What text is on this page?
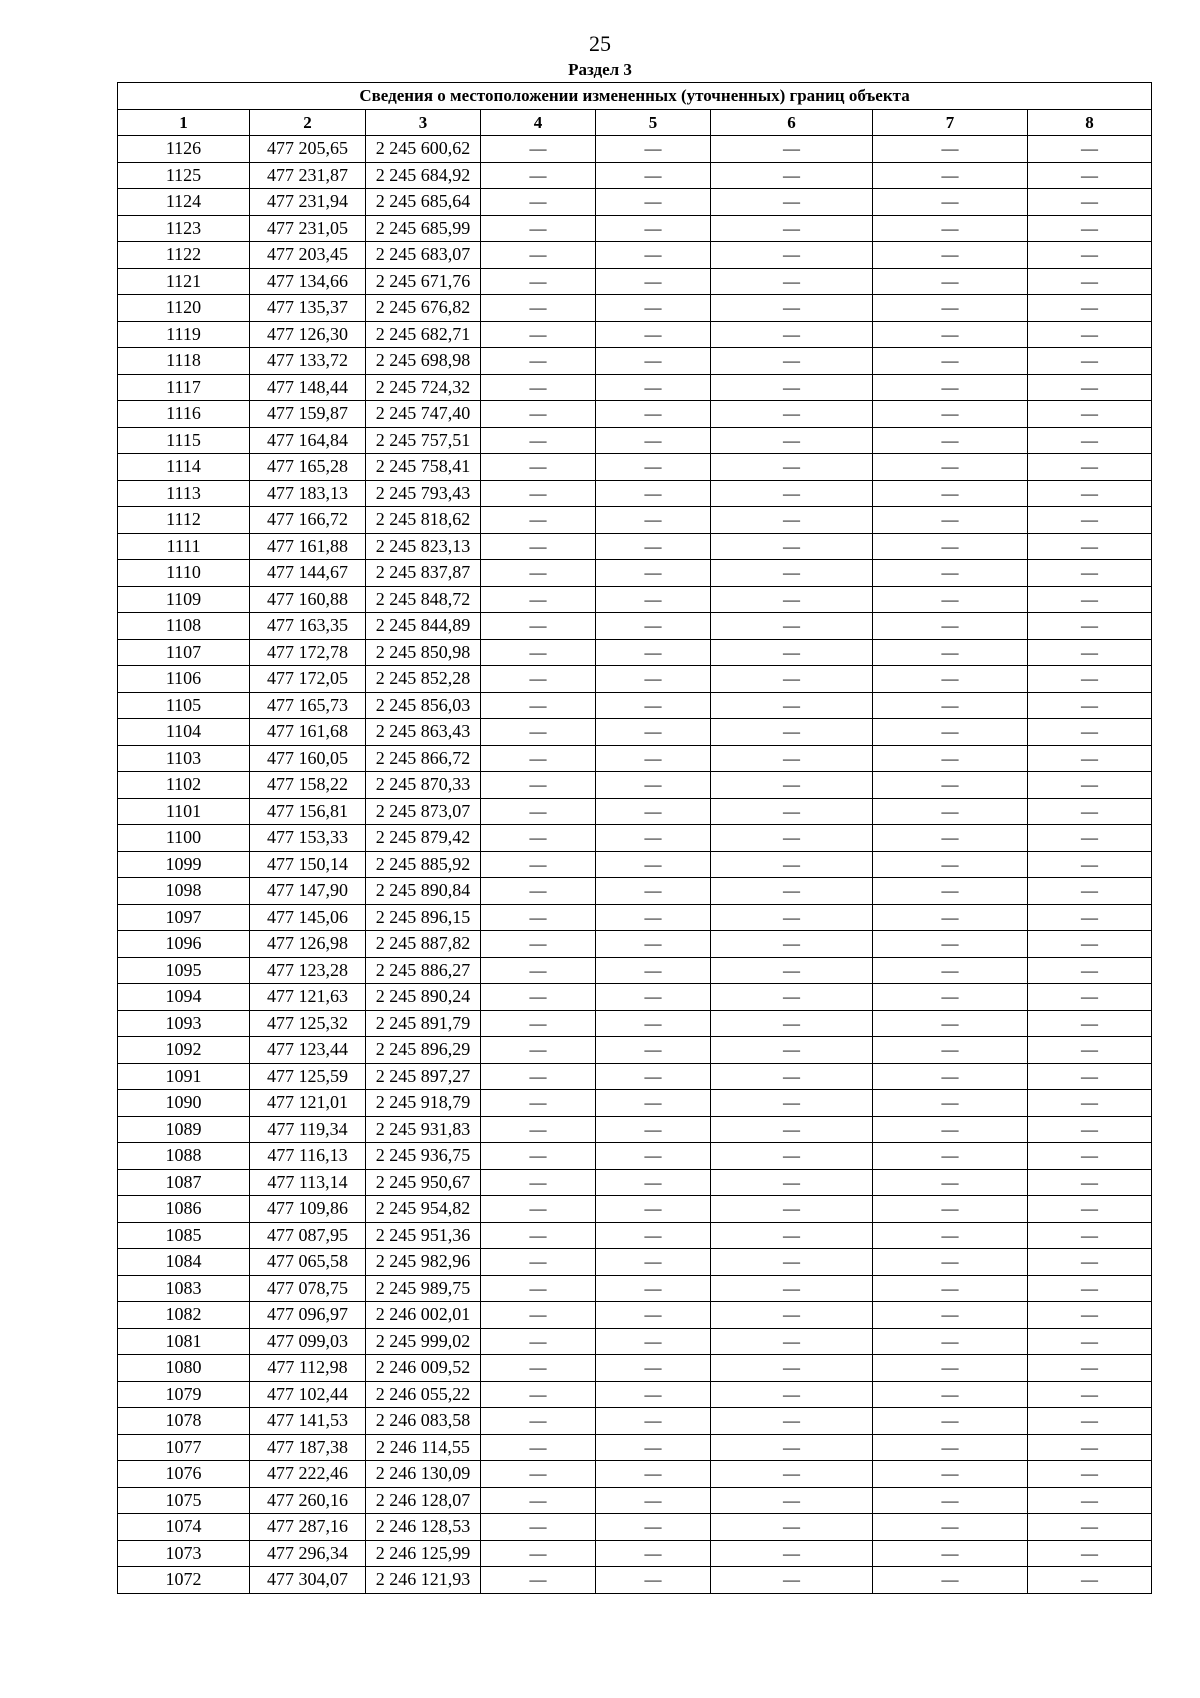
25
Раздел 3
Сведения о местоположении измененных (уточненных) границ объекта							
1	2	3	4	5	6	7	8
1126	477 205,65	2 245 600,62	—	—	—	—	—
1125	477 231,87	2 245 684,92	—	—	—	—	—
1124	477 231,94	2 245 685,64	—	—	—	—	—
1123	477 231,05	2 245 685,99	—	—	—	—	—
1122	477 203,45	2 245 683,07	—	—	—	—	—
1121	477 134,66	2 245 671,76	—	—	—	—	—
1120	477 135,37	2 245 676,82	—	—	—	—	—
1119	477 126,30	2 245 682,71	—	—	—	—	—
1118	477 133,72	2 245 698,98	—	—	—	—	—
1117	477 148,44	2 245 724,32	—	—	—	—	—
1116	477 159,87	2 245 747,40	—	—	—	—	—
1115	477 164,84	2 245 757,51	—	—	—	—	—
1114	477 165,28	2 245 758,41	—	—	—	—	—
1113	477 183,13	2 245 793,43	—	—	—	—	—
1112	477 166,72	2 245 818,62	—	—	—	—	—
1111	477 161,88	2 245 823,13	—	—	—	—	—
1110	477 144,67	2 245 837,87	—	—	—	—	—
1109	477 160,88	2 245 848,72	—	—	—	—	—
1108	477 163,35	2 245 844,89	—	—	—	—	—
1107	477 172,78	2 245 850,98	—	—	—	—	—
1106	477 172,05	2 245 852,28	—	—	—	—	—
1105	477 165,73	2 245 856,03	—	—	—	—	—
1104	477 161,68	2 245 863,43	—	—	—	—	—
1103	477 160,05	2 245 866,72	—	—	—	—	—
1102	477 158,22	2 245 870,33	—	—	—	—	—
1101	477 156,81	2 245 873,07	—	—	—	—	—
1100	477 153,33	2 245 879,42	—	—	—	—	—
1099	477 150,14	2 245 885,92	—	—	—	—	—
1098	477 147,90	2 245 890,84	—	—	—	—	—
1097	477 145,06	2 245 896,15	—	—	—	—	—
1096	477 126,98	2 245 887,82	—	—	—	—	—
1095	477 123,28	2 245 886,27	—	—	—	—	—
1094	477 121,63	2 245 890,24	—	—	—	—	—
1093	477 125,32	2 245 891,79	—	—	—	—	—
1092	477 123,44	2 245 896,29	—	—	—	—	—
1091	477 125,59	2 245 897,27	—	—	—	—	—
1090	477 121,01	2 245 918,79	—	—	—	—	—
1089	477 119,34	2 245 931,83	—	—	—	—	—
1088	477 116,13	2 245 936,75	—	—	—	—	—
1087	477 113,14	2 245 950,67	—	—	—	—	—
1086	477 109,86	2 245 954,82	—	—	—	—	—
1085	477 087,95	2 245 951,36	—	—	—	—	—
1084	477 065,58	2 245 982,96	—	—	—	—	—
1083	477 078,75	2 245 989,75	—	—	—	—	—
1082	477 096,97	2 246 002,01	—	—	—	—	—
1081	477 099,03	2 245 999,02	—	—	—	—	—
1080	477 112,98	2 246 009,52	—	—	—	—	—
1079	477 102,44	2 246 055,22	—	—	—	—	—
1078	477 141,53	2 246 083,58	—	—	—	—	—
1077	477 187,38	2 246 114,55	—	—	—	—	—
1076	477 222,46	2 246 130,09	—	—	—	—	—
1075	477 260,16	2 246 128,07	—	—	—	—	—
1074	477 287,16	2 246 128,53	—	—	—	—	—
1073	477 296,34	2 246 125,99	—	—	—	—	—
1072	477 304,07	2 246 121,93	—	—	—	—	—
